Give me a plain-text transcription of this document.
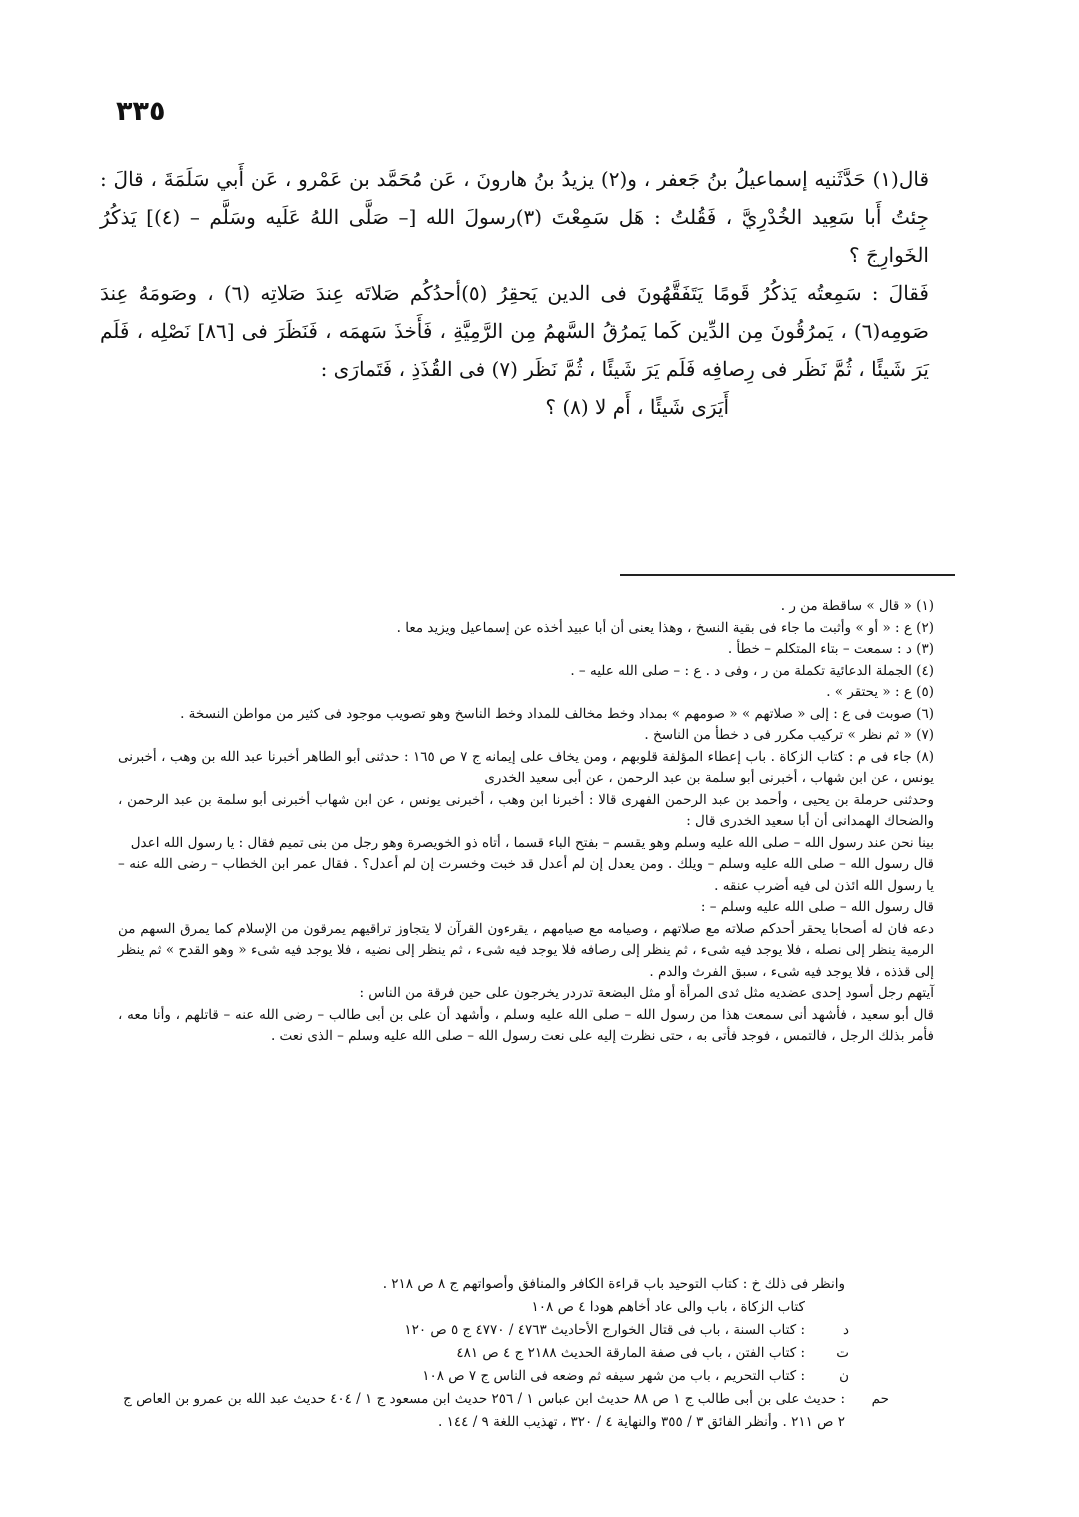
٣٣٥

قال(١) حَدَّثَنيه إسماعيلُ بنُ جَعفر ، و(٢) يزيدُ بنُ هارونَ ، عَن مُحَمَّد بن عَمْرو ، عَن أَبي سَلَمَةَ ، قالَ : جِئتُ أَبا سَعِيد الخُدْرِيَّ ، فَقُلتُ : هَل سَمِعْتَ (٣)رسولَ الله [– صَلَّى اللهُ عَلَيه وسَلَّم – (٤)] يَذكُرُ الخَوارِجَ ؟

فَقالَ : سَمِعتُه يَذكُرُ قَومًا يَتَفَقَّهُونَ فى الدين يَحقِرُ (٥)أحدُكُم صَلاتَه عِندَ صَلاتِه (٦) ، وصَومَهُ عِندَ صَومِه(٦) ، يَمرُقُونَ مِن الدِّين كَما يَمرُقُ السَّهمُ مِن الرَّمِيَّةِ ، فَأَخذَ سَهمَه ، فَنَظَرَ فى [٨٦] نَصْلِه ، فَلَم يَرَ شَيئًا ، ثُمَّ نَظَر فى رِصافِه فَلَم يَرَ شَيئًا ، ثُمَّ نَظَر (٧) فى القُذَذِ ، فَتَمارَى :

أَيَرَى شَيئًا ، أَم لا (٨) ؟

(١) « قال » ساقطة من ر .

(٢) ع : « أو » وأثبت ما جاء فى بقية النسخ ، وهذا يعنى أن أبا عبيد أخذه عن إسماعيل ويزيد معا .

(٣) د : سمعت – بتاء المتكلم – خطأ .

(٤) الجملة الدعائية تكملة من ر ، وفى د . ع : – صلى الله عليه – .

(٥) ع : « يحتقر » .

(٦) صوبت فى ع : إلى « صلاتهم » « صومهم » بمداد وخط مخالف للمداد وخط الناسخ وهو تصويب موجود فى كثير من مواطن النسخة .

(٧) « ثم نظر » تركيب مكرر فى د خطأ من الناسخ .

(٨) جاء فى م : كتاب الزكاة . باب إعطاء المؤلفة قلوبهم ، ومن يخاف على إيمانه ج ٧ ص ١٦٥ : حدثنى أبو الطاهر أخبرنا عبد الله بن وهب ، أخبرنى يونس ، عن ابن شهاب ، أخبرنى أبو سلمة بن عبد الرحمن ، عن أبى سعيد الخدرى

وحدثنى حرملة بن يحيى ، وأحمد بن عبد الرحمن الفهرى قالا : أخبرنا ابن وهب ، أخبرنى يونس ، عن ابن شهاب أخبرنى أبو سلمة بن عبد الرحمن ، والضحاك الهمدانى أن أبا سعيد الخدرى قال :

بينا نحن عند رسول الله – صلى الله عليه وسلم وهو يقسم – بفتح الباء قسما ، أتاه ذو الخويصرة وهو رجل من بنى تميم فقال : يا رسول الله اعدل

قال رسول الله – صلى الله عليه وسلم – ويلك . ومن يعدل إن لم أعدل قد خبت وخسرت إن لم أعدل؟ . فقال عمر ابن الخطاب – رضى الله عنه – يا رسول الله ائذن لى فيه أضرب عنقه .

قال رسول الله – صلى الله عليه وسلم – :

دعه فان له أصحابا يحقر أحدكم صلاته مع صلاتهم ، وصيامه مع صيامهم ، يقرءون القرآن لا يتجاوز تراقيهم يمرقون من الإسلام كما يمرق السهم من الرمية ينظر إلى نصله ، فلا يوجد فيه شىء ، ثم ينظر إلى رصافه فلا يوجد فيه شىء ، ثم ينظر إلى نضيه ، فلا يوجد فيه شىء « وهو القدح » ثم ينظر إلى قذذه ، فلا يوجد فيه شىء ، سبق الفرث والدم .

آيتهم رجل أسود إحدى عضديه مثل ثدى المرأة أو مثل البضعة تدردر يخرجون على حين فرقة من الناس :

قال أبو سعيد ، فأشهد أنى سمعت هذا من رسول الله – صلى الله عليه وسلم ، وأشهد أن على بن أبى طالب – رضى الله عنه – قاتلهم ، وأنا معه ، فأمر بذلك الرجل ، فالتمس ، فوجد فأتى به ، حتى نظرت إليه على نعت رسول الله – صلى الله عليه وسلم – الذى نعت .

وانظر فى ذلك خ : كتاب التوحيد باب قراءة الكافر والمنافق وأصواتهم ج ٨ ص ٢١٨ .
كتاب الزكاة ، باب والى عاد أخاهم هودا ٤ ص ١٠٨
د
: كتاب السنة ، باب فى قتال الخوارج الأحاديث ٤٧٦٣ / ٤٧٧٠ ج ٥ ص ١٢٠
ت
: كتاب الفتن ، باب فى صفة المارقة الحديث ٢١٨٨ ج ٤ ص ٤٨١
ن
: كتاب التحريم ، باب من شهر سيفه ثم وضعه فى الناس ج ٧ ص ١٠٨
حم
: حديث على بن أبى طالب ج ١ ص ٨٨ حديث ابن عباس ١ / ٢٥٦ حديث ابن مسعود ج ١ / ٤٠٤ حديث عبد الله بن عمرو بن العاص ج ٢ ص ٢١١ . وأنظر الفائق ٣ / ٣٥٥ والنهاية ٤ / ٣٢٠ ، تهذيب اللغة ٩ / ١٤٤ .
